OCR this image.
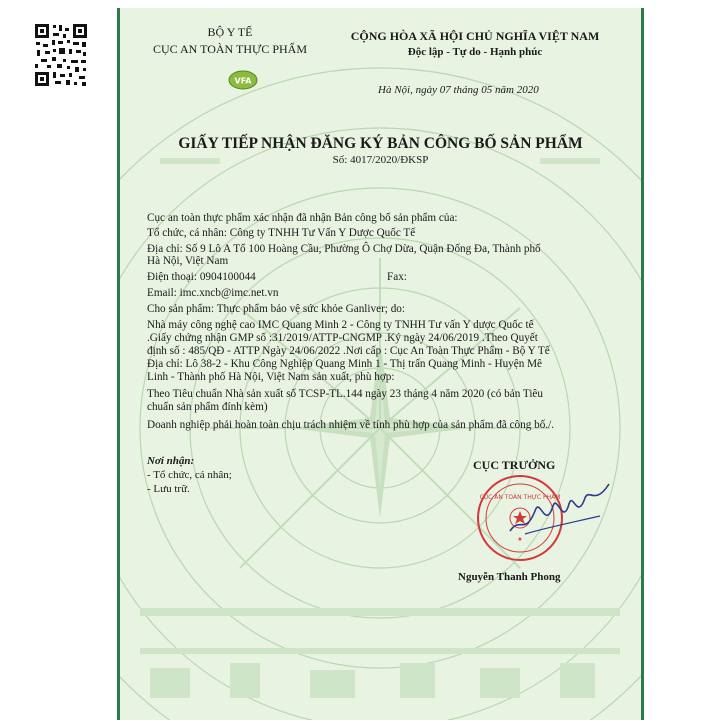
BỘ Y TẾ
CỤC AN TOÀN THỰC PHẨM
VFA
CỘNG HÒA XÃ HỘI CHỦ NGHĨA VIỆT NAM
Độc lập - Tự do - Hạnh phúc
Hà Nội, ngày 07 tháng 05 năm 2020
GIẤY TIẾP NHẬN ĐĂNG KÝ BẢN CÔNG BỐ SẢN PHẨM
Số: 4017/2020/ĐKSP
Cục an toàn thực phẩm xác nhận đã nhận Bản công bố sản phẩm của:
Tổ chức, cá nhân: Công ty TNHH Tư Vấn Y Dược Quốc Tế
Địa chỉ: Số 9 Lô A Tổ 100 Hoàng Cầu, Phường Ô Chợ Dừa, Quận Đống Đa, Thành phố
Hà Nội, Việt Nam
Điện thoại: 0904100044	Fax:
Email: imc.xncb@imc.net.vn
Cho sản phẩm: Thực phẩm bảo vệ sức khỏe Ganliver; do:
Nhà máy công nghệ cao IMC Quang Minh 2 - Công ty TNHH Tư vấn Y dược Quốc tế
.Giấy chứng nhận GMP số :31/2019/ATTP-CNGMP .Ký ngày 24/06/2019 .Theo Quyết
định số : 485/QĐ - ATTP Ngày 24/06/2022 .Nơi cấp : Cục An Toàn Thực Phẩm - Bộ Y Tế
Địa chỉ: Lô 38-2 - Khu Công Nghiệp Quang Minh 1 - Thị trấn Quang Minh - Huyện Mê
Linh - Thành phố Hà Nội, Việt Nam sản xuất, phù hợp:
Theo Tiêu chuẩn Nhà sản xuất số TCSP-TL.144 ngày 23 tháng 4 năm 2020 (có bản Tiêu
chuẩn sản phẩm đính kèm)
Doanh nghiệp phải hoàn toàn chịu trách nhiệm về tính phù hợp của sản phẩm đã công bố./.
Nơi nhận:
- Tổ chức, cá nhân;
- Lưu trữ.
CỤC TRƯỞNG
CỤC AN TOÀN THỰC PHẨM
★
Nguyễn Thanh Phong
